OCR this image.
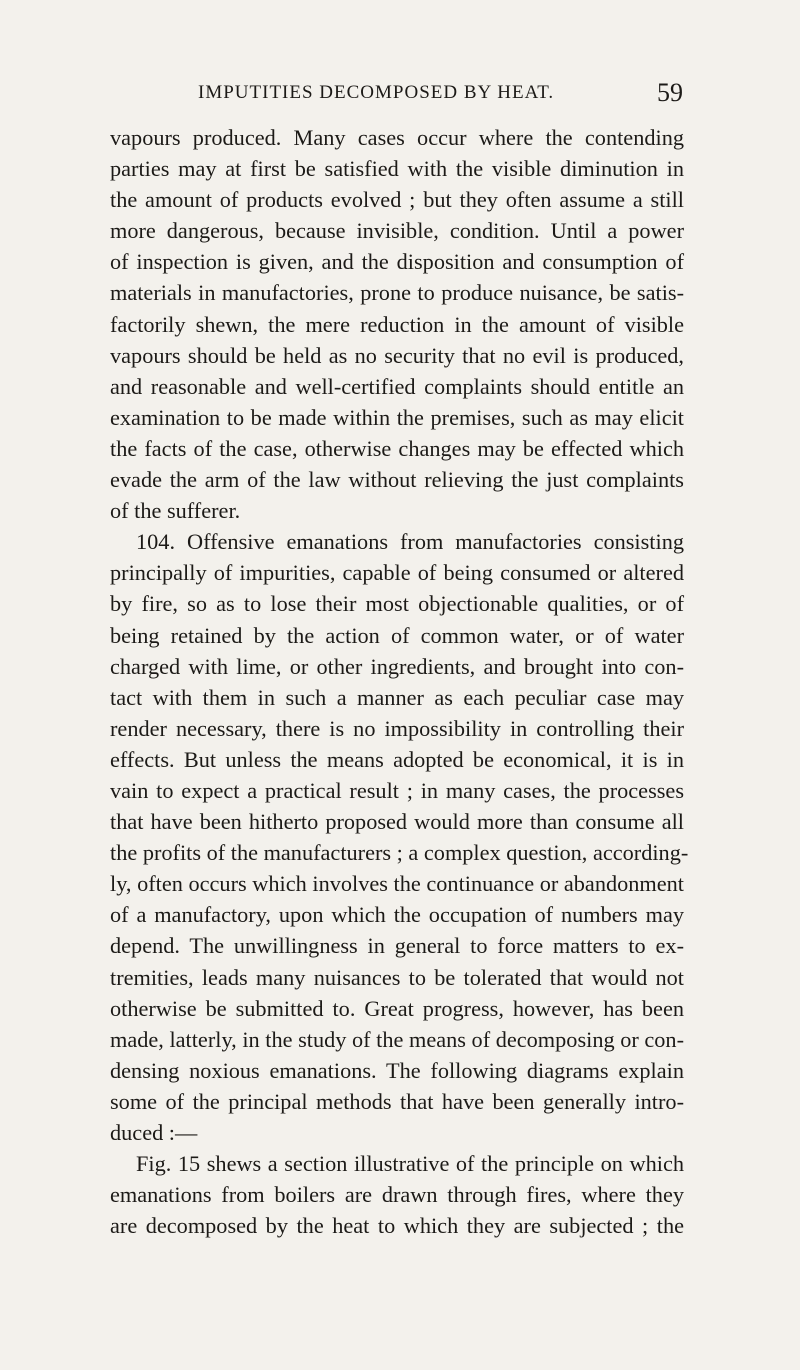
IMPUTITIES DECOMPOSED BY HEAT.	59
vapours produced. Many cases occur where the contending
parties may at first be satisfied with the visible diminution in
the amount of products evolved ; but they often assume a still
more dangerous, because invisible, condition. Until a power
of inspection is given, and the disposition and consumption of
materials in manufactories, prone to produce nuisance, be satis-
factorily shewn, the mere reduction in the amount of visible
vapours should be held as no security that no evil is produced,
and reasonable and well-certified complaints should entitle an
examination to be made within the premises, such as may elicit
the facts of the case, otherwise changes may be effected which
evade the arm of the law without relieving the just complaints
of the sufferer.
104. Offensive emanations from manufactories consisting
principally of impurities, capable of being consumed or altered
by fire, so as to lose their most objectionable qualities, or of
being retained by the action of common water, or of water
charged with lime, or other ingredients, and brought into con-
tact with them in such a manner as each peculiar case may
render necessary, there is no impossibility in controlling their
effects. But unless the means adopted be economical, it is in
vain to expect a practical result ; in many cases, the processes
that have been hitherto proposed would more than consume all
the profits of the manufacturers ; a complex question, according-
ly, often occurs which involves the continuance or abandonment
of a manufactory, upon which the occupation of numbers may
depend. The unwillingness in general to force matters to ex-
tremities, leads many nuisances to be tolerated that would not
otherwise be submitted to. Great progress, however, has been
made, latterly, in the study of the means of decomposing or con-
densing noxious emanations. The following diagrams explain
some of the principal methods that have been generally intro-
duced :—
Fig. 15 shews a section illustrative of the principle on which
emanations from boilers are drawn through fires, where they
are decomposed by the heat to which they are subjected ; the
